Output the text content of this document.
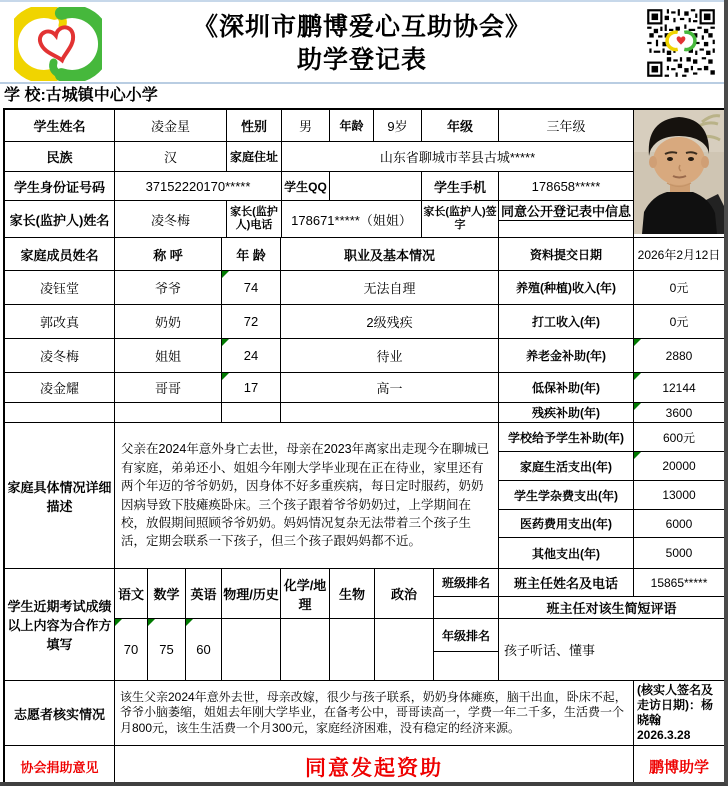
《深圳市鹏博爱心互助协会》
助学登记表
学 校:古城镇中心小学
学生姓名	凌金星	性别	男	年龄	9岁	年级	三年级	
民族	汉	家庭住址	山东省聊城市莘县古城*****					
学生身份证号码	37152220170*****		学生QQ			学生手机	178658*****	
家长(监护人)姓名	凌冬梅	家长(监护人)电话	178671*****（姐姐）			家长(监护人)签字	同意公开登记表中信息	

家庭成员姓名	称 呼	年 龄	职业及基本情况	资料提交日期	2026年2月12日
凌钰堂	爷爷	74	无法自理	养殖(种植)收入(年)	0元
郭改真	奶奶	72	2级残疾	打工收入(年)	0元
凌冬梅	姐姐	24	待业	养老金补助(年)	2880
凌金耀	哥哥	17	高一	低保补助(年)	12144
				残疾补助(年)	3600
家庭具体情况详细描述	父亲在2024年意外身亡去世，母亲在2023年离家出走现今在聊城已有家庭，弟弟还小、姐姐今年刚大学毕业现在正在待业，家里还有两个年迈的爷爷奶奶，因身体不好多重疾病，每日定时服药，奶奶因病导致下肢瘫痪卧床。三个孩子跟着爷爷奶奶过，上学期间在校，放假期间照顾爷爷奶奶。妈妈情况复杂无法带着三个孩子生活，定期会联系一下孩子，但三个孩子跟妈妈都不近。	学校给予学生补助(年)	600元
		家庭生活支出(年)	20000
		学生学杂费支出(年)	13000
		医药费用支出(年)	6000
		其他支出(年)	5000
学生近期考试成绩以上内容为合作方填写	语文	数学	英语	物理/历史	化学/地理	生物	政治	班级排名	班主任姓名及电话	15865*****
									班主任对该生简短评语	
	70	75	60					年级排名	孩子听话、懂事	

志愿者核实情况	该生父亲2024年意外去世，母亲改嫁，很少与孩子联系，奶奶身体瘫痪，脑干出血，卧床不起，爷爷小脑萎缩，姐姐去年刚大学毕业，在备考公中，哥哥读高一，学费一年二千多，生活费一个月800元，该生生活费一个月300元，家庭经济困难，没有稳定的经济来源。	(核实人签名及走访日期)：杨晓翰
2026.3.28

协会捐助意见	同意发起资助	鹏博助学
